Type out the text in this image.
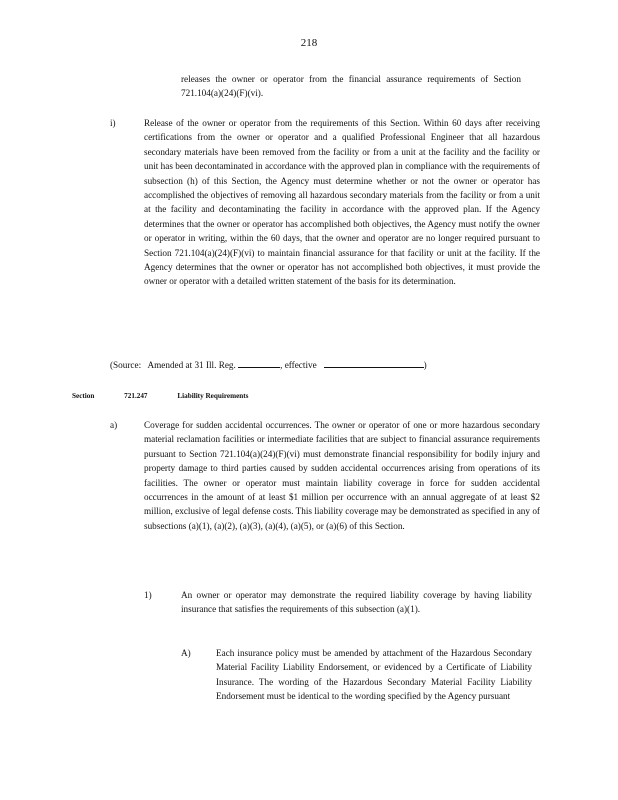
218
releases the owner or operator from the financial assurance requirements of Section 721.104(a)(24)(F)(vi).
i)	Release of the owner or operator from the requirements of this Section. Within 60 days after receiving certifications from the owner or operator and a qualified Professional Engineer that all hazardous secondary materials have been removed from the facility or from a unit at the facility and the facility or unit has been decontaminated in accordance with the approved plan in compliance with the requirements of subsection (h) of this Section, the Agency must determine whether or not the owner or operator has accomplished the objectives of removing all hazardous secondary materials from the facility or from a unit at the facility and decontaminating the facility in accordance with the approved plan. If the Agency determines that the owner or operator has accomplished both objectives, the Agency must notify the owner or operator in writing, within the 60 days, that the owner and operator are no longer required pursuant to Section 721.104(a)(24)(F)(vi) to maintain financial assurance for that facility or unit at the facility. If the Agency determines that the owner or operator has not accomplished both objectives, it must provide the owner or operator with a detailed written statement of the basis for its determination.
(Source: Amended at 31 Ill. Reg.	, effective	)
Section	721.247	Liability Requirements
a)	Coverage for sudden accidental occurrences. The owner or operator of one or more hazardous secondary material reclamation facilities or intermediate facilities that are subject to financial assurance requirements pursuant to Section 721.104(a)(24)(F)(vi) must demonstrate financial responsibility for bodily injury and property damage to third parties caused by sudden accidental occurrences arising from operations of its facilities. The owner or operator must maintain liability coverage in force for sudden accidental occurrences in the amount of at least $1 million per occurrence with an annual aggregate of at least $2 million, exclusive of legal defense costs. This liability coverage may be demonstrated as specified in any of subsections (a)(1), (a)(2), (a)(3), (a)(4), (a)(5), or (a)(6) of this Section.
1)	An owner or operator may demonstrate the required liability coverage by having liability insurance that satisfies the requirements of this subsection (a)(1).
A)	Each insurance policy must be amended by attachment of the Hazardous Secondary Material Facility Liability Endorsement, or evidenced by a Certificate of Liability Insurance. The wording of the Hazardous Secondary Material Facility Liability Endorsement must be identical to the wording specified by the Agency pursuant
